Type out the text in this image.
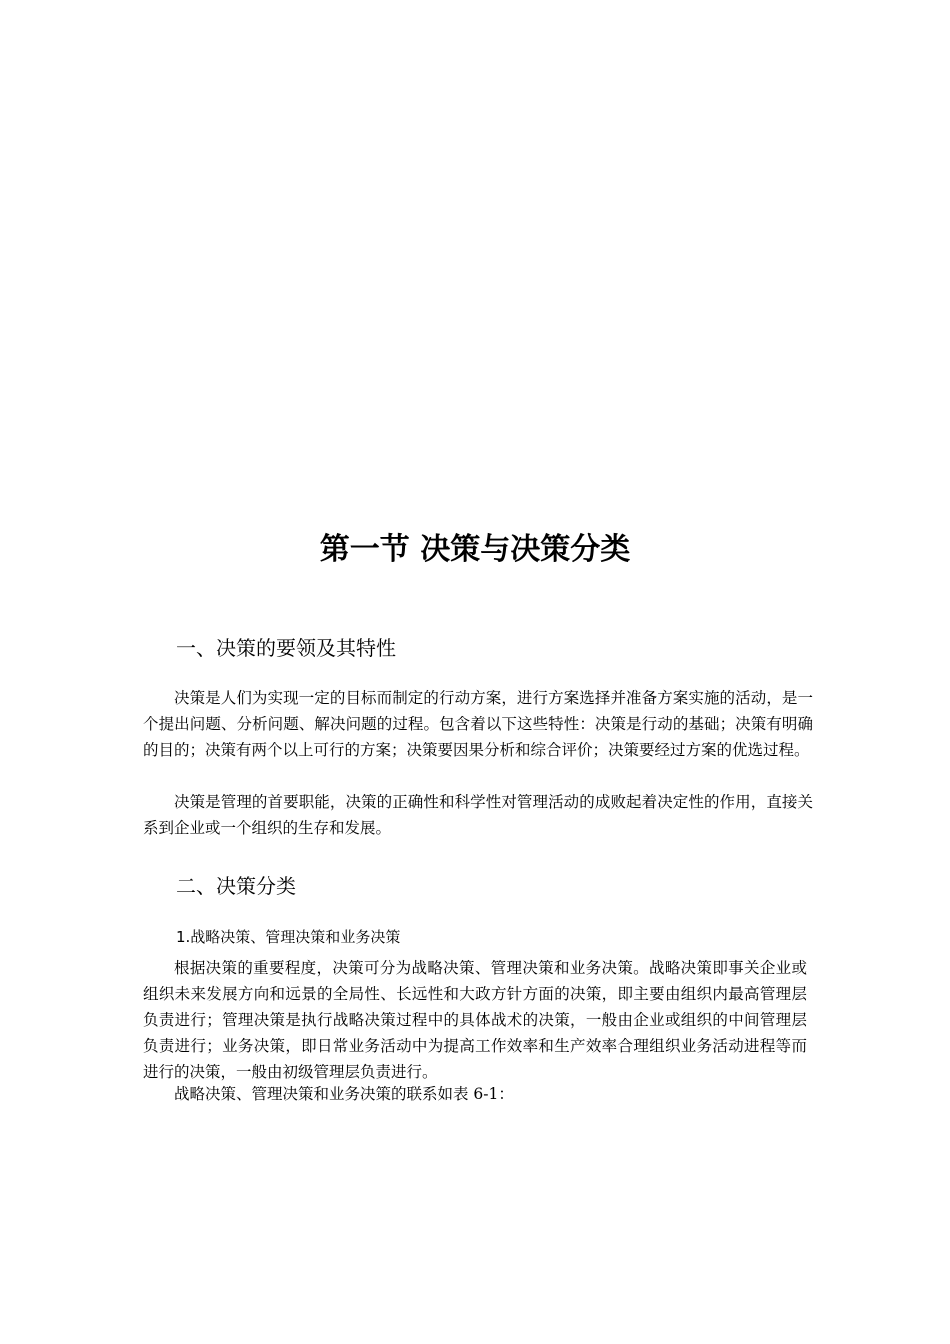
第一节 决策与决策分类
一、决策的要领及其特性

决策是人们为实现一定的目标而制定的行动方案，进行方案选择并准备方案实施的活动，是一个提出问题、分析问题、解决问题的过程。包含着以下这些特性：决策是行动的基础；决策有明确的目的；决策有两个以上可行的方案；决策要因果分析和综合评价；决策要经过方案的优选过程。

决策是管理的首要职能，决策的正确性和科学性对管理活动的成败起着决定性的作用，直接关系到企业或一个组织的生存和发展。

二、决策分类
1.战略决策、管理决策和业务决策

根据决策的重要程度，决策可分为战略决策、管理决策和业务决策。战略决策即事关企业或组织未来发展方向和远景的全局性、长远性和大政方针方面的决策，即主要由组织内最高管理层负责进行；管理决策是执行战略决策过程中的具体战术的决策，一般由企业或组织的中间管理层负责进行；业务决策，即日常业务活动中为提高工作效率和生产效率合理组织业务活动进程等而进行的决策，一般由初级管理层负责进行。

战略决策、管理决策和业务决策的联系如表 6-1：
